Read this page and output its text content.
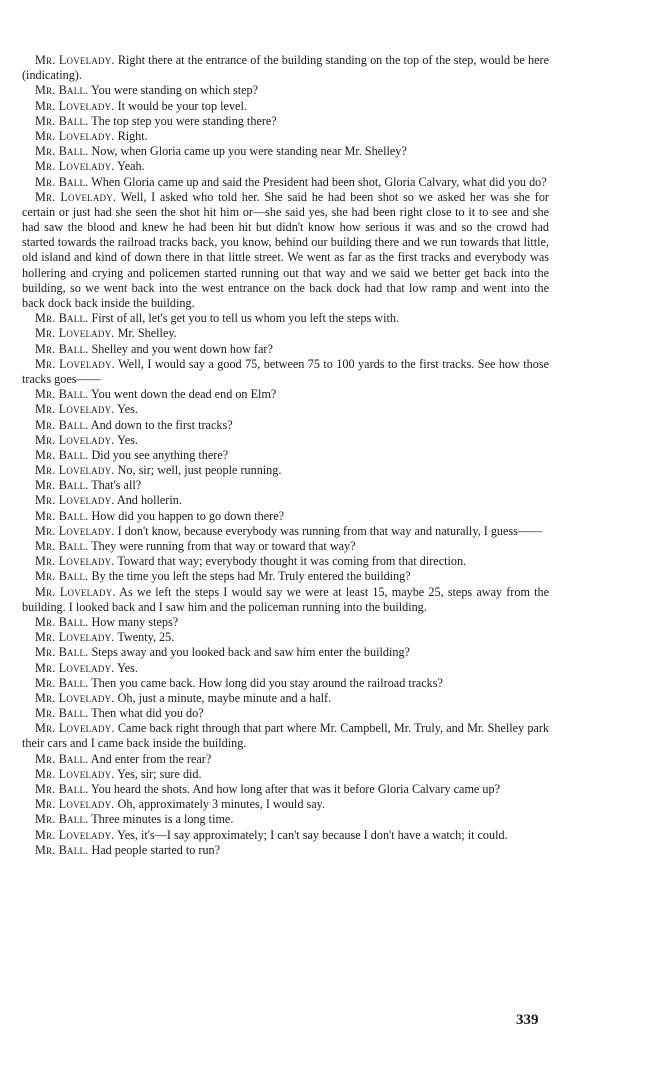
Mr. Lovelady. Right there at the entrance of the building standing on the top of the step, would be here (indicating).

Mr. Ball. You were standing on which step?

Mr. Lovelady. It would be your top level.

Mr. Ball. The top step you were standing there?

Mr. Lovelady. Right.

Mr. Ball. Now, when Gloria came up you were standing near Mr. Shelley?

Mr. Lovelady. Yeah.

Mr. Ball. When Gloria came up and said the President had been shot, Gloria Calvary, what did you do?

Mr. Lovelady. Well, I asked who told her. She said he had been shot so we asked her was she for certain or just had she seen the shot hit him or—she said yes, she had been right close to it to see and she had saw the blood and knew he had been hit but didn't know how serious it was and so the crowd had started towards the railroad tracks back, you know, behind our building there and we run towards that little, old island and kind of down there in that little street. We went as far as the first tracks and everybody was hollering and crying and policemen started running out that way and we said we better get back into the building, so we went back into the west entrance on the back dock had that low ramp and went into the back dock back inside the building.

Mr. Ball. First of all, let's get you to tell us whom you left the steps with.

Mr. Lovelady. Mr. Shelley.

Mr. Ball. Shelley and you went down how far?

Mr. Lovelady. Well, I would say a good 75, between 75 to 100 yards to the first tracks. See how those tracks goes——

Mr. Ball. You went down the dead end on Elm?

Mr. Lovelady. Yes.

Mr. Ball. And down to the first tracks?

Mr. Lovelady. Yes.

Mr. Ball. Did you see anything there?

Mr. Lovelady. No, sir; well, just people running.

Mr. Ball. That's all?

Mr. Lovelady. And hollerin.

Mr. Ball. How did you happen to go down there?

Mr. Lovelady. I don't know, because everybody was running from that way and naturally, I guess——

Mr. Ball. They were running from that way or toward that way?

Mr. Lovelady. Toward that way; everybody thought it was coming from that direction.

Mr. Ball. By the time you left the steps had Mr. Truly entered the building?

Mr. Lovelady. As we left the steps I would say we were at least 15, maybe 25, steps away from the building. I looked back and I saw him and the policeman running into the building.

Mr. Ball. How many steps?

Mr. Lovelady. Twenty, 25.

Mr. Ball. Steps away and you looked back and saw him enter the building?

Mr. Lovelady. Yes.

Mr. Ball. Then you came back. How long did you stay around the railroad tracks?

Mr. Lovelady. Oh, just a minute, maybe minute and a half.

Mr. Ball. Then what did you do?

Mr. Lovelady. Came back right through that part where Mr. Campbell, Mr. Truly, and Mr. Shelley park their cars and I came back inside the building.

Mr. Ball. And enter from the rear?

Mr. Lovelady. Yes, sir; sure did.

Mr. Ball. You heard the shots. And how long after that was it before Gloria Calvary came up?

Mr. Lovelady. Oh, approximately 3 minutes, I would say.

Mr. Ball. Three minutes is a long time.

Mr. Lovelady. Yes, it's—I say approximately; I can't say because I don't have a watch; it could.

Mr. Ball. Had people started to run?

339
